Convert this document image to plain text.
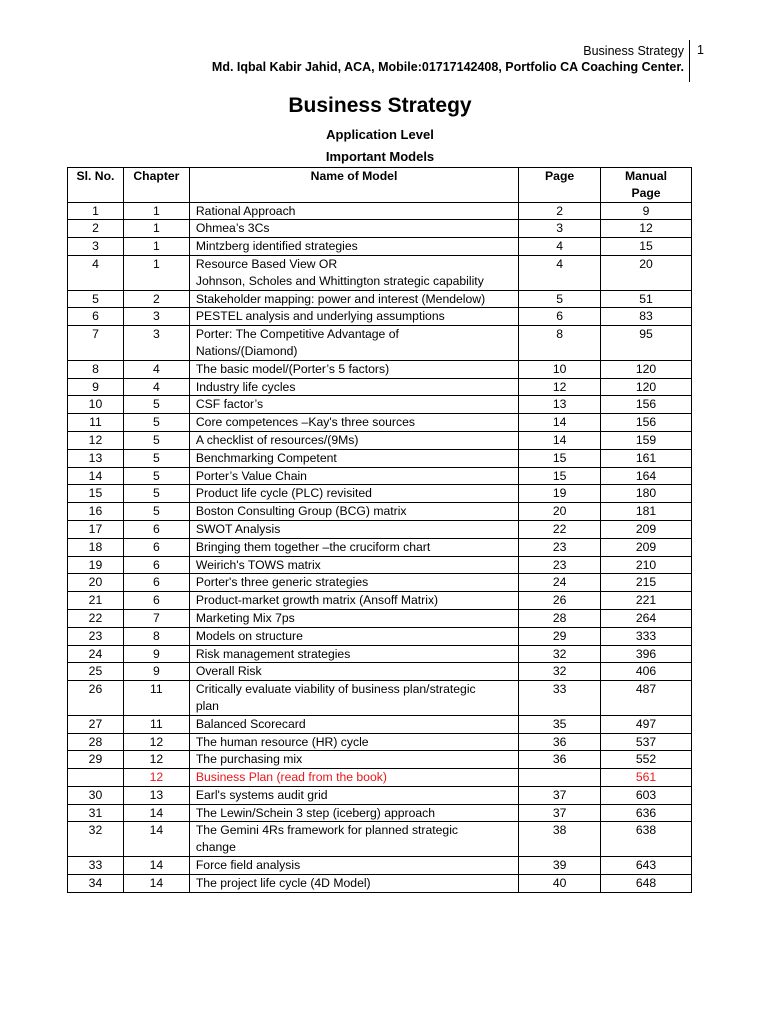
Business Strategy
Md. Iqbal Kabir Jahid, ACA, Mobile:01717142408, Portfolio CA Coaching Center.
1
Business Strategy
Application Level
Important Models
Sl. No.	Chapter	Name of Model	Page	Manual Page
1	1	Rational Approach	2	9
2	1	Ohmea’s 3Cs	3	12
3	1	Mintzberg identified strategies	4	15
4	1	Resource Based View OR
Johnson, Scholes and Whittington strategic capability	4	20
5	2	Stakeholder mapping: power and interest (Mendelow)	5	51
6	3	PESTEL analysis and underlying assumptions	6	83
7	3	Porter: The Competitive Advantage of
Nations/(Diamond)	8	95
8	4	The basic model/(Porter’s 5 factors)	10	120
9	4	Industry life cycles	12	120
10	5	CSF factor’s	13	156
11	5	Core competences –Kay's three sources	14	156
12	5	A checklist of resources/(9Ms)	14	159
13	5	Benchmarking Competent	15	161
14	5	Porter’s Value Chain	15	164
15	5	Product life cycle (PLC) revisited	19	180
16	5	Boston Consulting Group (BCG) matrix	20	181
17	6	SWOT Analysis	22	209
18	6	Bringing them together –the cruciform chart	23	209
19	6	Weirich's TOWS matrix	23	210
20	6	Porter's three generic strategies	24	215
21	6	Product-market growth matrix (Ansoff Matrix)	26	221
22	7	Marketing Mix 7ps	28	264
23	8	Models on structure	29	333
24	9	Risk management strategies	32	396
25	9	Overall Risk	32	406
26	11	Critically evaluate viability of business plan/strategic
plan	33	487
27	11	Balanced Scorecard	35	497
28	12	The human resource (HR) cycle	36	537
29	12	The purchasing mix	36	552
	12	Business Plan (read from the book)		561
30	13	Earl's systems audit grid	37	603
31	14	The Lewin/Schein 3 step (iceberg) approach	37	636
32	14	The Gemini 4Rs framework for planned strategic
change	38	638
33	14	Force field analysis	39	643
34	14	The project life cycle (4D Model)	40	648
